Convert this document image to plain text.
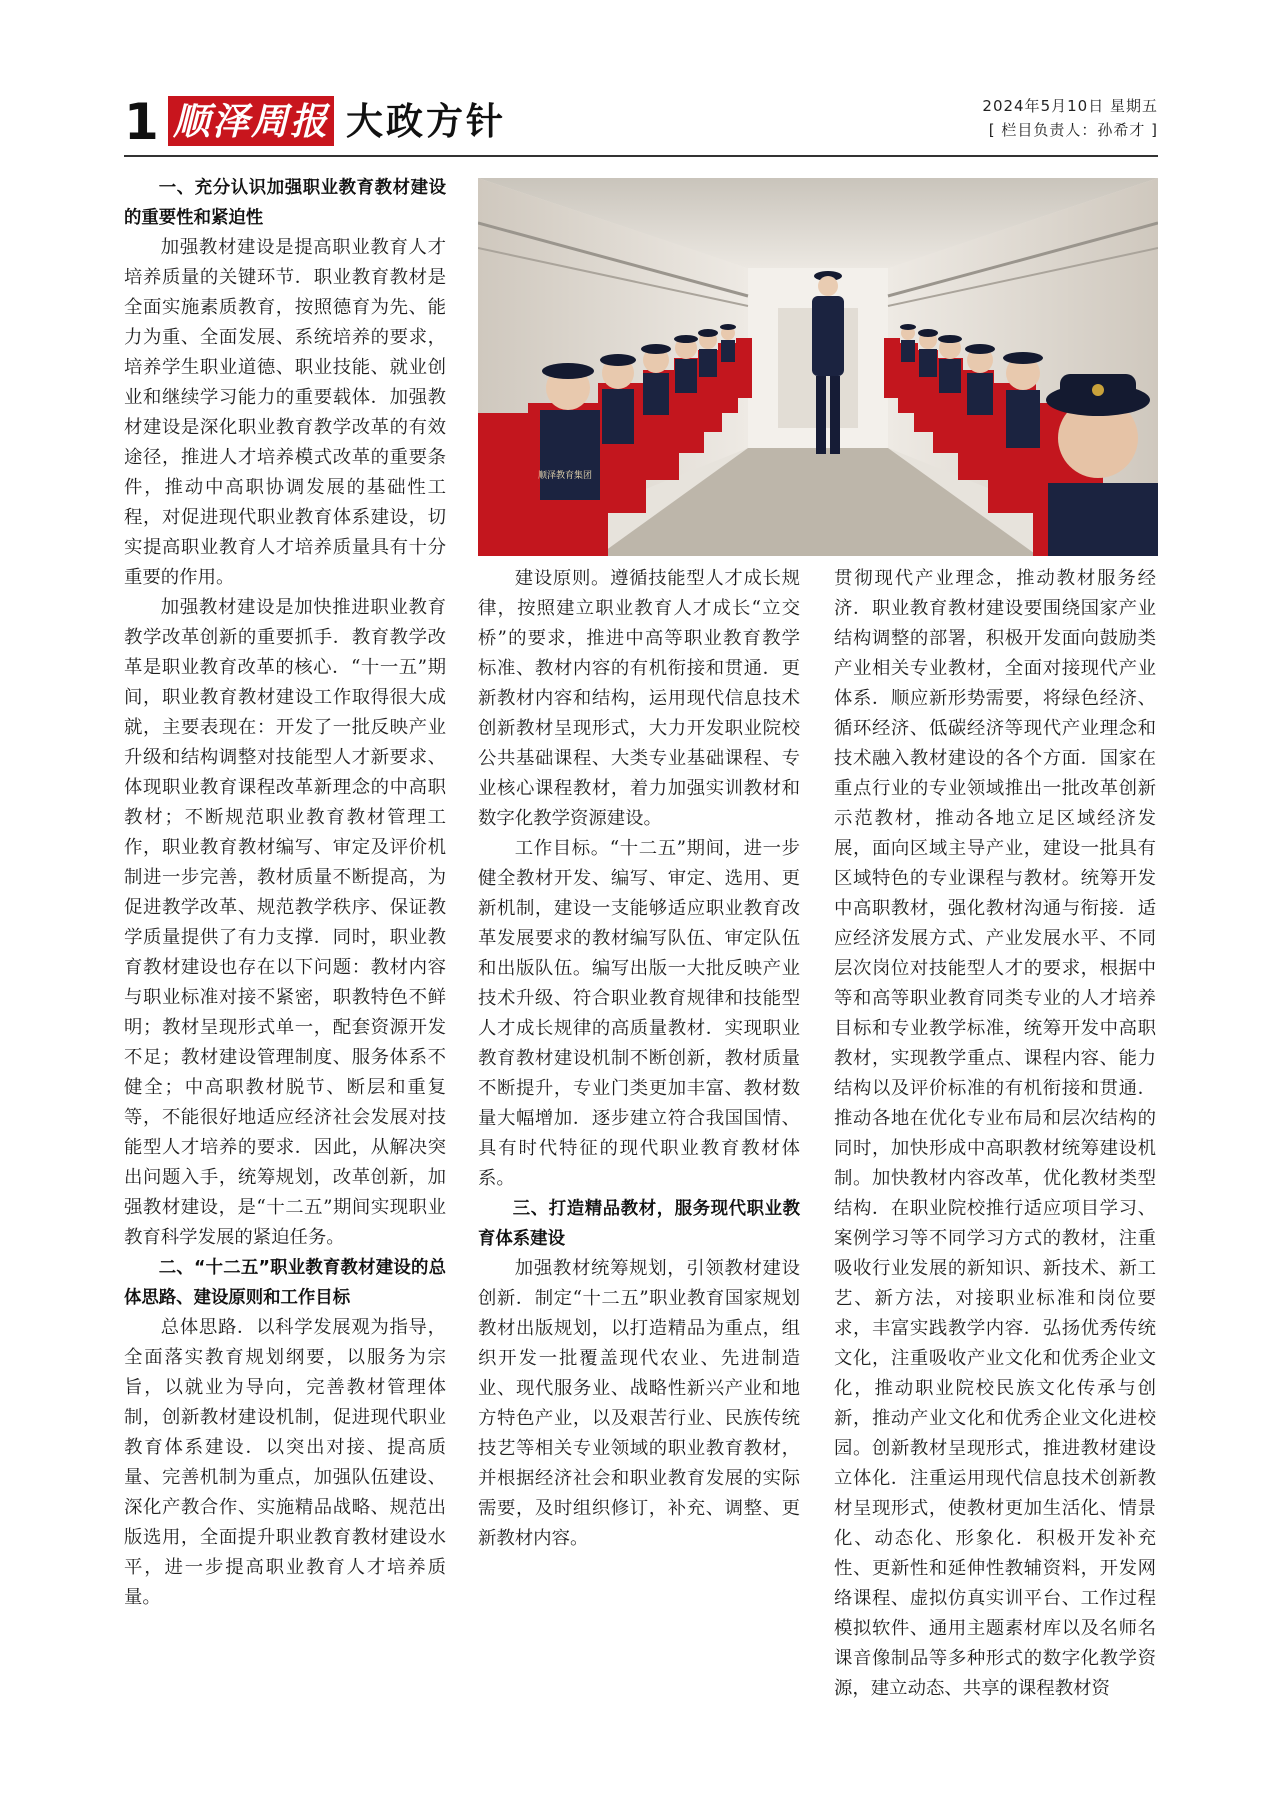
1 顺泽周报 大政方针	2024年5月10日 星期五
[ 栏目负责人：孙希才 ]
顺泽教育集团
一、充分认识加强职业教育教材建设的重要性和紧迫性

加强教材建设是提高职业教育人才培养质量的关键环节．职业教育教材是全面实施素质教育，按照德育为先、能力为重、全面发展、系统培养的要求，培养学生职业道德、职业技能、就业创业和继续学习能力的重要载体．加强教材建设是深化职业教育教学改革的有效途径，推进人才培养模式改革的重要条件，推动中高职协调发展的基础性工程，对促进现代职业教育体系建设，切实提高职业教育人才培养质量具有十分重要的作用。

加强教材建设是加快推进职业教育教学改革创新的重要抓手．教育教学改革是职业教育改革的核心．“十一五”期间，职业教育教材建设工作取得很大成就，主要表现在：开发了一批反映产业升级和结构调整对技能型人才新要求、体现职业教育课程改革新理念的中高职教材；不断规范职业教育教材管理工作，职业教育教材编写、审定及评价机制进一步完善，教材质量不断提高，为促进教学改革、规范教学秩序、保证教学质量提供了有力支撑．同时，职业教育教材建设也存在以下问题：教材内容与职业标准对接不紧密，职教特色不鲜明；教材呈现形式单一，配套资源开发不足；教材建设管理制度、服务体系不健全；中高职教材脱节、断层和重复等，不能很好地适应经济社会发展对技能型人才培养的要求．因此，从解决突出问题入手，统筹规划，改革创新，加强教材建设，是“十二五”期间实现职业教育科学发展的紧迫任务。

二、“十二五”职业教育教材建设的总体思路、建设原则和工作目标

总体思路．以科学发展观为指导，全面落实教育规划纲要，以服务为宗旨，以就业为导向，完善教材管理体制，创新教材建设机制，促进现代职业教育体系建设．以突出对接、提高质量、完善机制为重点，加强队伍建设、深化产教合作、实施精品战略、规范出版选用，全面提升职业教育教材建设水平，进一步提高职业教育人才培养质量。

建设原则。遵循技能型人才成长规律，按照建立职业教育人才成长“立交桥”的要求，推进中高等职业教育教学标准、教材内容的有机衔接和贯通．更新教材内容和结构，运用现代信息技术创新教材呈现形式，大力开发职业院校公共基础课程、大类专业基础课程、专业核心课程教材，着力加强实训教材和数字化教学资源建设。

工作目标。“十二五”期间，进一步健全教材开发、编写、审定、选用、更新机制，建设一支能够适应职业教育改革发展要求的教材编写队伍、审定队伍和出版队伍。编写出版一大批反映产业技术升级、符合职业教育规律和技能型人才成长规律的高质量教材．实现职业教育教材建设机制不断创新，教材质量不断提升，专业门类更加丰富、教材数量大幅增加．逐步建立符合我国国情、具有时代特征的现代职业教育教材体系。

三、打造精品教材，服务现代职业教育体系建设

加强教材统筹规划，引领教材建设创新．制定“十二五”职业教育国家规划教材出版规划，以打造精品为重点，组织开发一批覆盖现代农业、先进制造业、现代服务业、战略性新兴产业和地方特色产业，以及艰苦行业、民族传统技艺等相关专业领域的职业教育教材，并根据经济社会和职业教育发展的实际需要，及时组织修订，补充、调整、更新教材内容。

贯彻现代产业理念，推动教材服务经济．职业教育教材建设要围绕国家产业结构调整的部署，积极开发面向鼓励类产业相关专业教材，全面对接现代产业体系．顺应新形势需要，将绿色经济、循环经济、低碳经济等现代产业理念和技术融入教材建设的各个方面．国家在重点行业的专业领域推出一批改革创新示范教材，推动各地立足区域经济发展，面向区域主导产业，建设一批具有区域特色的专业课程与教材。统筹开发中高职教材，强化教材沟通与衔接．适应经济发展方式、产业发展水平、不同层次岗位对技能型人才的要求，根据中等和高等职业教育同类专业的人才培养目标和专业教学标准，统筹开发中高职教材，实现教学重点、课程内容、能力结构以及评价标准的有机衔接和贯通．推动各地在优化专业布局和层次结构的同时，加快形成中高职教材统筹建设机制。加快教材内容改革，优化教材类型结构．在职业院校推行适应项目学习、案例学习等不同学习方式的教材，注重吸收行业发展的新知识、新技术、新工艺、新方法，对接职业标准和岗位要求，丰富实践教学内容．弘扬优秀传统文化，注重吸收产业文化和优秀企业文化，推动职业院校民族文化传承与创新，推动产业文化和优秀企业文化进校园。创新教材呈现形式，推进教材建设立体化．注重运用现代信息技术创新教材呈现形式，使教材更加生活化、情景化、动态化、形象化．积极开发补充性、更新性和延伸性教辅资料，开发网络课程、虚拟仿真实训平台、工作过程模拟软件、通用主题素材库以及名师名课音像制品等多种形式的数字化教学资源，建立动态、共享的课程教材资
